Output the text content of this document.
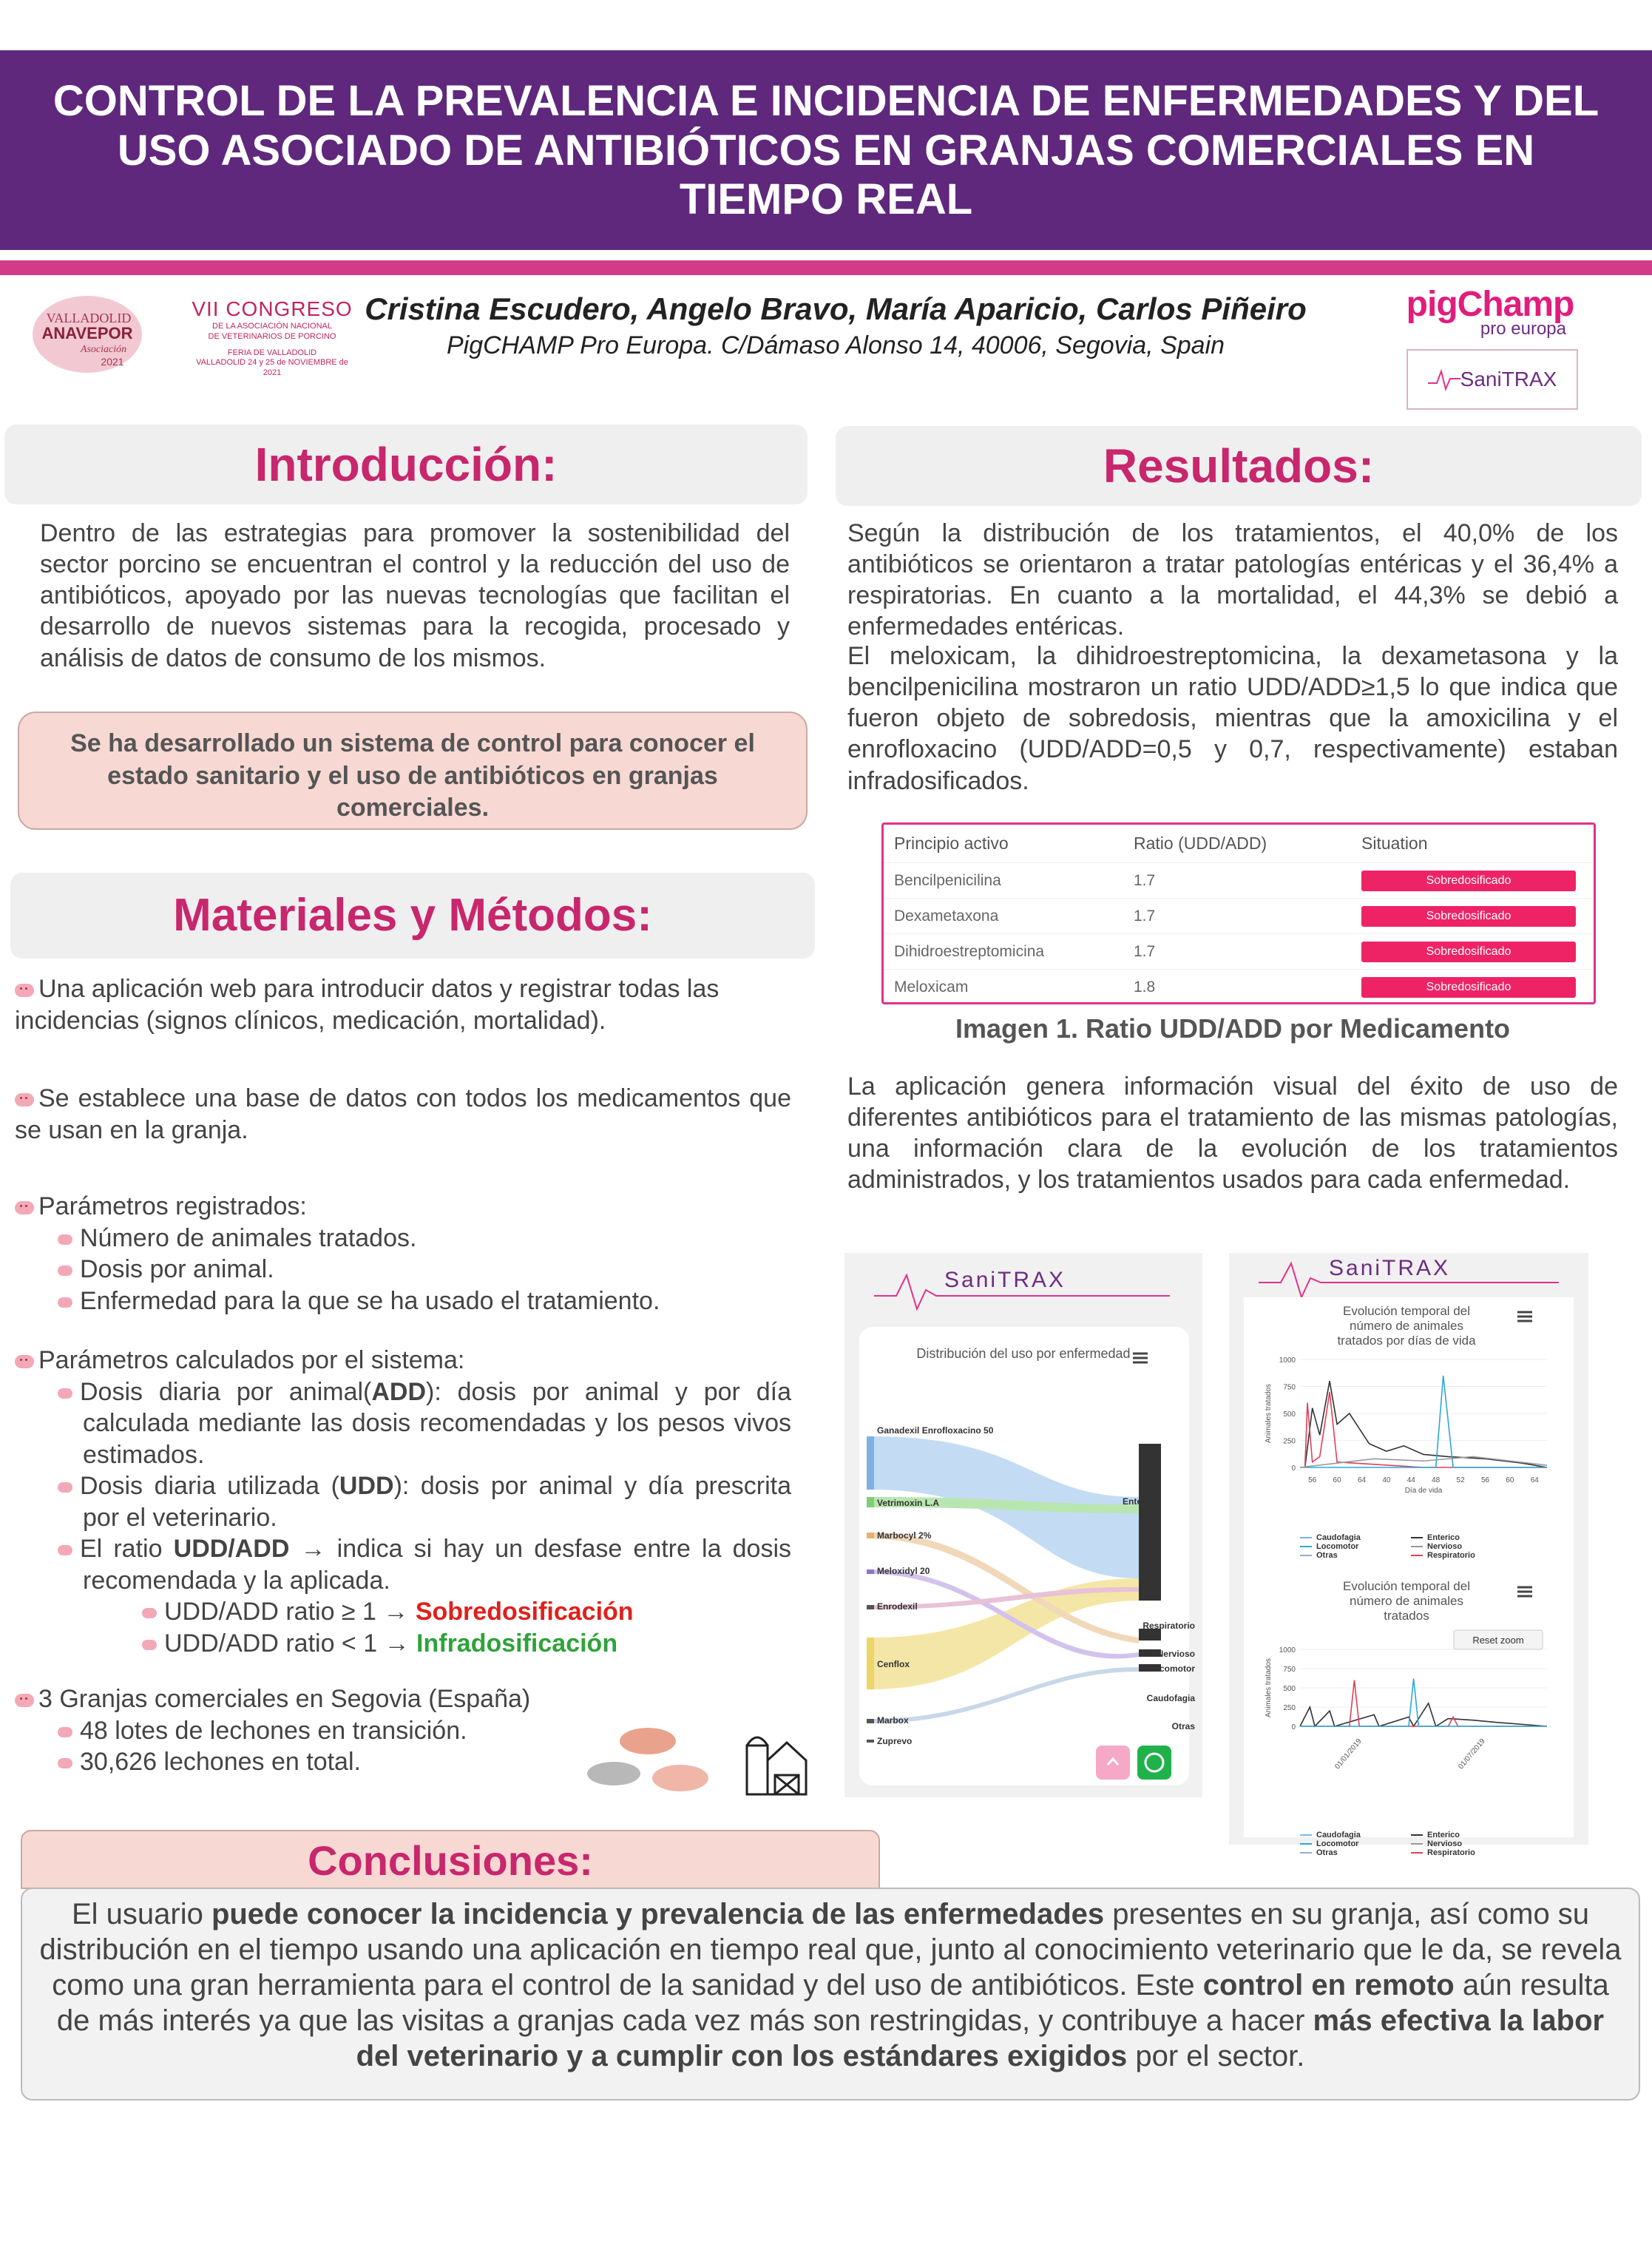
CONTROL DE LA PREVALENCIA E INCIDENCIA DE ENFERMEDADES Y DEL
USO ASOCIADO DE ANTIBIÓTICOS EN GRANJAS COMERCIALES EN
TIEMPO REAL
VALLADOLID
ANAVEPOR
Asociación
2021
VII CONGRESO
DE LA ASOCIACIÓN NACIONAL
DE VETERINARIOS DE PORCINO
FERIA DE VALLADOLID
VALLADOLID 24 y 25 de NOVIEMBRE de 2021
Cristina Escudero, Angelo Bravo, María Aparicio, Carlos Piñeiro
PigCHAMP Pro Europa. C/Dámaso Alonso 14, 40006, Segovia, Spain
pigChamp
pro europa
SaniTRAX
Introducción:
Dentro de las estrategias para promover la sostenibilidad del sector porcino se encuentran el control y la reducción del uso de antibióticos, apoyado por las nuevas tecnologías que facilitan el desarrollo de nuevos sistemas para la recogida, procesado y análisis de datos de consumo de los mismos.
Se ha desarrollado un sistema de control para conocer el estado sanitario y el uso de antibióticos en granjas comerciales.
Materiales y Métodos:
Una aplicación web para introducir datos y registrar todas las incidencias (signos clínicos, medicación, mortalidad).
Se establece una base de datos con todos los medicamentos que se usan en la granja.
Parámetros registrados:
Número de animales tratados.
Dosis por animal.
Enfermedad para la que se ha usado el tratamiento.
Parámetros calculados por el sistema:
Dosis diaria por animal(ADD): dosis por animal y por día calculada mediante las dosis recomendadas y los pesos vivos estimados.
Dosis diaria utilizada (UDD): dosis por animal y día prescrita por el veterinario.
El ratio UDD/ADD → indica si hay un desfase entre la dosis recomendada y la aplicada.
UDD/ADD ratio ≥ 1 → Sobredosificación
UDD/ADD ratio < 1 → Infradosificación
3 Granjas comerciales en Segovia (España)
48 lotes de lechones en transición.
30,626 lechones en total.
Resultados:
Según la distribución de los tratamientos, el 40,0% de los antibióticos se orientaron a tratar patologías entéricas y el 36,4% a respiratorias. En cuanto a la mortalidad, el 44,3% se debió a enfermedades entéricas.
El meloxicam, la dihidroestreptomicina, la dexametasona y la bencilpenicilina mostraron un ratio UDD/ADD≥1,5 lo que indica que fueron objeto de sobredosis, mientras que la amoxicilina y el enrofloxacino (UDD/ADD=0,5 y 0,7, respectivamente) estaban infradosificados.
Principio activo	Ratio (UDD/ADD)	Situation
Bencilpenicilina	1.7	Sobredosificado
Dexametaxona	1.7	Sobredosificado
Dihidroestreptomicina	1.7	Sobredosificado
Meloxicam	1.8	Sobredosificado
Imagen 1. Ratio UDD/ADD por Medicamento
La aplicación genera información visual del éxito de uso de diferentes antibióticos para el tratamiento de las mismas patologías, una información clara de la evolución de los tratamientos administrados, y los tratamientos usados para cada enfermedad.
SaniTRAX
Distribución del uso por enfermedad
Ganadexil Enrofloxacino 50
Vetrimoxin L.A
Marbocyl 2%
Meloxidyl 20
Enrodexil
Cenflox
Marbox
Zuprevo
Enterico
Respiratorio
Nervioso
Locomotor
Caudofagia
Otras
SaniTRAX
Evolución temporal del
número de animales
tratados por días de vida
1000
750
500
250
0
Animales tratados
56 60 64 40 44 48 52 56 60 64
Día de vida
Caudofagia	Enterico
Locomotor	Nervioso
Otras	Respiratorio
1000
750
500
250
0
Animales tratados
01/01/2019	01/07/2019
Caudofagia	Enterico
Locomotor	Nervioso
Otras	Respiratorio
Evolución temporal del
número de animales
tratados
Reset zoom
Conclusiones:
El usuario puede conocer la incidencia y prevalencia de las enfermedades presentes en su granja, así como su distribución en el tiempo usando una aplicación en tiempo real que, junto al conocimiento veterinario que le da, se revela como una gran herramienta para el control de la sanidad y del uso de antibióticos. Este control en remoto aún resulta de más interés ya que las visitas a granjas cada vez más son restringidas, y contribuye a hacer más efectiva la labor del veterinario y a cumplir con los estándares exigidos por el sector.
